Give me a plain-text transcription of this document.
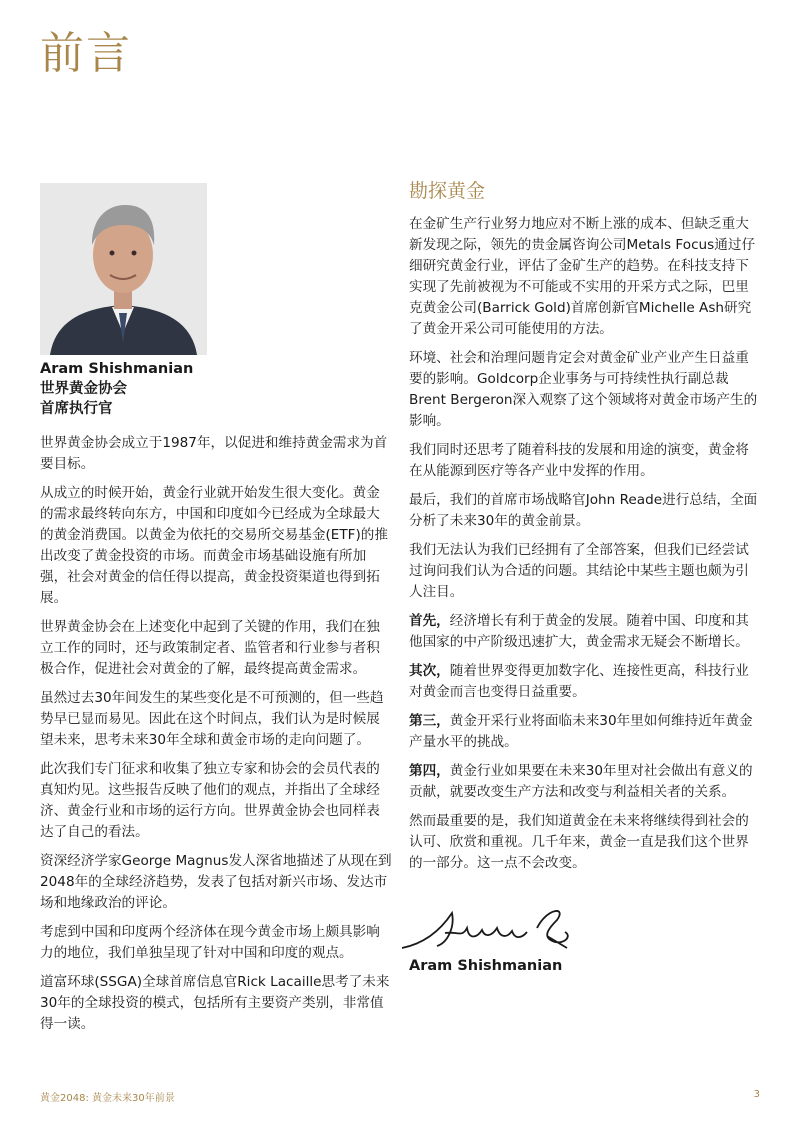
前言
Aram Shishmanian
世界黄金协会
首席执行官

世界黄金协会成立于1987年，以促进和维持黄金需求为首要目标。

从成立的时候开始，黄金行业就开始发生很大变化。黄金的需求最终转向东方，中国和印度如今已经成为全球最大的黄金消费国。以黄金为依托的交易所交易基金(ETF)的推出改变了黄金投资的市场。而黄金市场基础设施有所加强，社会对黄金的信任得以提高，黄金投资渠道也得到拓展。

世界黄金协会在上述变化中起到了关键的作用，我们在独立工作的同时，还与政策制定者、监管者和行业参与者积极合作，促进社会对黄金的了解，最终提高黄金需求。

虽然过去30年间发生的某些变化是不可预测的，但一些趋势早已显而易见。因此在这个时间点，我们认为是时候展望未来，思考未来30年全球和黄金市场的走向问题了。

此次我们专门征求和收集了独立专家和协会的会员代表的真知灼见。这些报告反映了他们的观点，并指出了全球经济、黄金行业和市场的运行方向。世界黄金协会也同样表达了自己的看法。

资深经济学家George Magnus发人深省地描述了从现在到2048年的全球经济趋势，发表了包括对新兴市场、发达市场和地缘政治的评论。

考虑到中国和印度两个经济体在现今黄金市场上颇具影响力的地位，我们单独呈现了针对中国和印度的观点。

道富环球(SSGA)全球首席信息官Rick Lacaille思考了未来30年的全球投资的模式，包括所有主要资产类别，非常值得一读。

勘探黄金

在金矿生产行业努力地应对不断上涨的成本、但缺乏重大新发现之际，领先的贵金属咨询公司Metals Focus通过仔细研究黄金行业，评估了金矿生产的趋势。在科技支持下实现了先前被视为不可能或不实用的开采方式之际，巴里克黄金公司(Barrick Gold)首席创新官Michelle Ash研究了黄金开采公司可能使用的方法。

环境、社会和治理问题肯定会对黄金矿业产业产生日益重要的影响。Goldcorp企业事务与可持续性执行副总裁Brent Bergeron深入观察了这个领域将对黄金市场产生的影响。

我们同时还思考了随着科技的发展和用途的演变，黄金将在从能源到医疗等各产业中发挥的作用。

最后，我们的首席市场战略官John Reade进行总结，全面分析了未来30年的黄金前景。

我们无法认为我们已经拥有了全部答案，但我们已经尝试过询问我们认为合适的问题。其结论中某些主题也颇为引人注目。

首先，经济增长有利于黄金的发展。随着中国、印度和其他国家的中产阶级迅速扩大，黄金需求无疑会不断增长。

其次，随着世界变得更加数字化、连接性更高，科技行业对黄金而言也变得日益重要。

第三，黄金开采行业将面临未来30年里如何维持近年黄金产量水平的挑战。

第四，黄金行业如果要在未来30年里对社会做出有意义的贡献，就要改变生产方法和改变与利益相关者的关系。

然而最重要的是，我们知道黄金在未来将继续得到社会的认可、欣赏和重视。几千年来，黄金一直是我们这个世界的一部分。这一点不会改变。

Aram Shishmanian
黄金2048: 黄金未来30年前景	3
